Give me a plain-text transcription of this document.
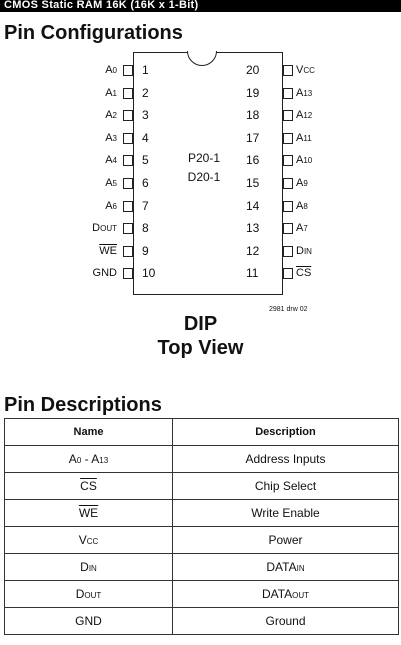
CMOS Static RAM 16K (16K x 1-Bit)
Pin Configurations
P20-1
D20-1
1
A0
2
A1
3
A2
4
A3
5
A4
6
A5
7
A6
8
DOUT
9
$\overline{WE}$
10
GND
20	VCC
19	A13
18	A12
17	A11
16	A10
15	A9
14	A8
13	A7
12	DIN
11	$\overline{CS}$
2981 drw 02
DIP
Top View
Pin Descriptions
Name	Description
A0 - A13	Address Inputs
$\overline{CS}$	Chip Select
$\overline{WE}$	Write Enable
VCC	Power
DIN	DATAIN
DOUT	DATAOUT
GND	Ground
